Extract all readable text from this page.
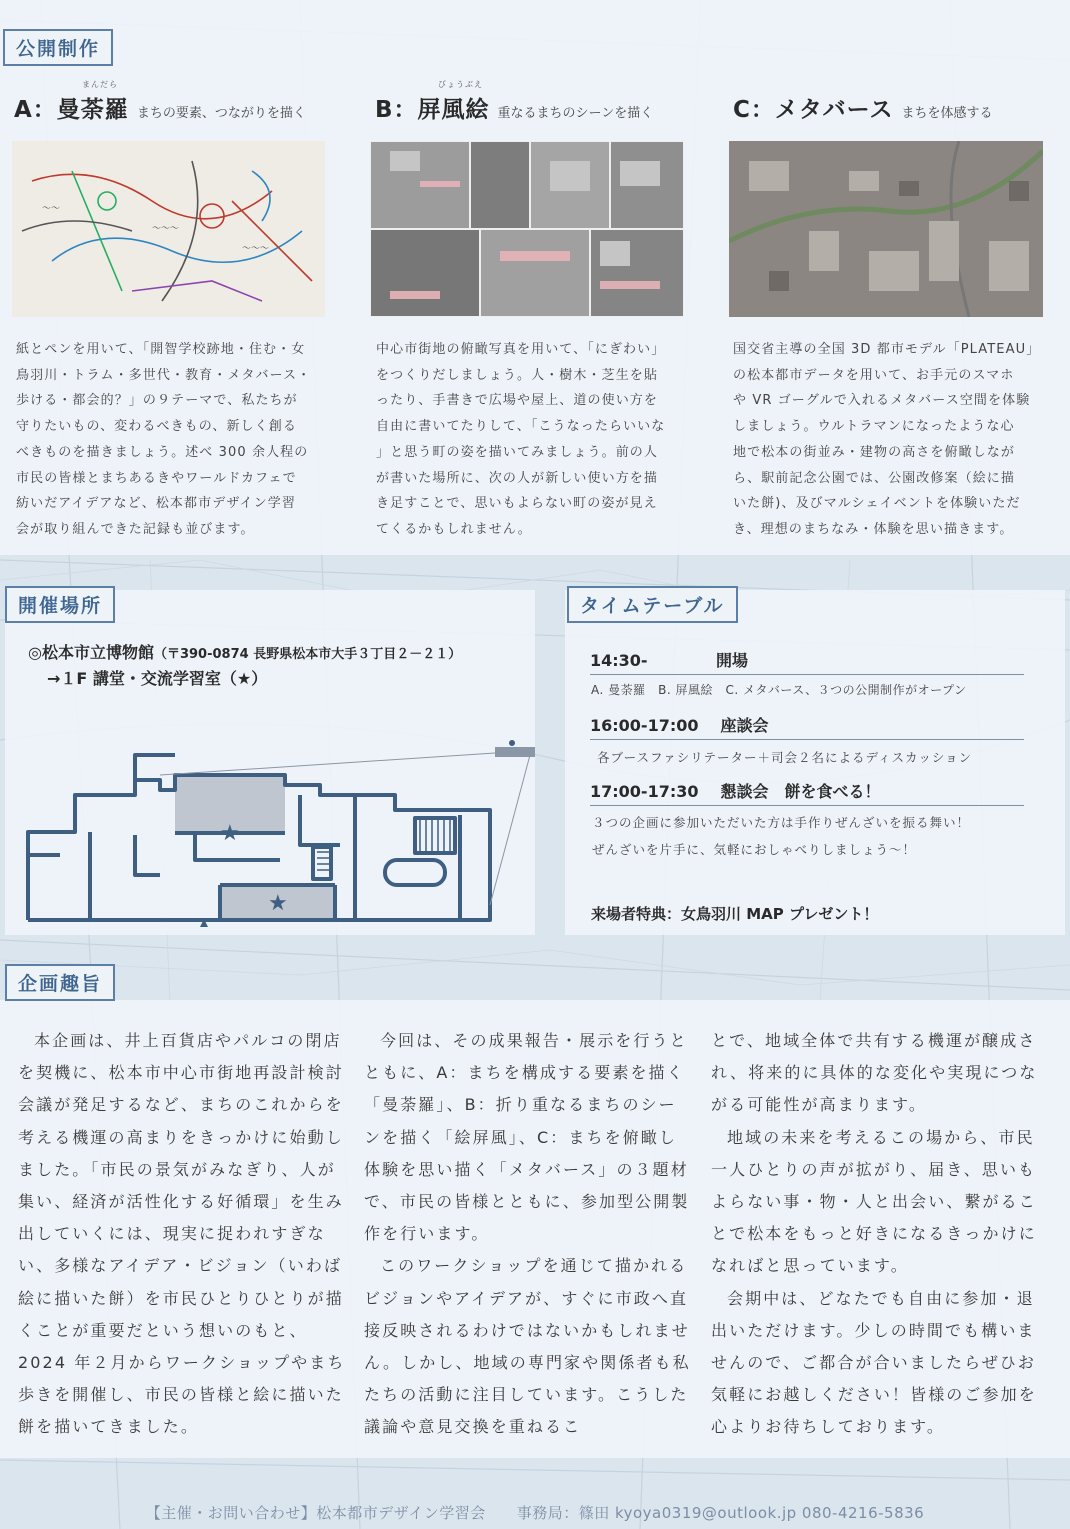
公開制作
まんだら
A：曼荼羅 まちの要素、つながりを描く
～～～
～～
～～～

紙とペンを用いて、「開智学校跡地・住む・女

鳥羽川・トラム・多世代・教育・メタバース・

歩ける・都会的？」の９テーマで、私たちが

守りたいもの、変わるべきもの、新しく創る

べきものを描きましょう。述べ 300 余人程の

市民の皆様とまちあるきやワールドカフェで

紡いだアイデアなど、松本都市デザイン学習

会が取り組んできた記録も並びます。

びょうぶえ
B：屏風絵 重なるまちのシーンを描く

中心市街地の俯瞰写真を用いて、「にぎわい」

をつくりだしましょう。人・樹木・芝生を貼

ったり、手書きで広場や屋上、道の使い方を

自由に書いてたりして、「こうなったらいいな

」と思う町の姿を描いてみましょう。前の人

が書いた場所に、次の人が新しい使い方を描

き足すことで、思いもよらない町の姿が見え

てくるかもしれません。

C：メタバース まちを体感する

国交省主導の全国 3D 都市モデル「PLATEAU」

の松本都市データを用いて、お手元のスマホ

や VR ゴーグルで入れるメタバース空間を体験

しましょう。ウルトラマンになったような心

地で松本の街並み・建物の高さを俯瞰しなが

ら、駅前記念公園では、公園改修案（絵に描

いた餅)、及びマルシェイベントを体験いただ

き、理想のまちなみ・体験を思い描きます。

開催場所
◎松本市立博物館（〒390-0874 長野県松本市大手３丁目２－２１）
→１F 講堂・交流学習室（★）
★
★
タイムテーブル
14:30-	開場
A. 曼荼羅　B. 屏風絵　C. メタバース、３つの公開制作がオープン
16:00-17:00 座談会
各ブースファシリテーター＋司会２名によるディスカッション
17:00-17:30 懇談会　餅を食べる！
３つの企画に参加いただいた方は手作りぜんざいを振る舞い！
ぜんざいを片手に、気軽におしゃべりしましょう～！
来場者特典：女鳥羽川 MAP プレゼント！
企画趣旨

本企画は、井上百貨店やパルコの閉店を契機に、松本市中心市街地再設計検討会議が発足するなど、まちのこれからを考える機運の高まりをきっかけに始動しました。「市民の景気がみなぎり、人が集い、経済が活性化する好循環」を生み出していくには、現実に捉われすぎない、多様なアイデア・ビジョン（いわば絵に描いた餅）を市民ひとりひとりが描くことが重要だという想いのもと、2024 年２月からワークショップやまち歩きを開催し、市民の皆様と絵に描いた餅を描いてきました。

今回は、その成果報告・展示を行うとともに、A：まちを構成する要素を描く「曼荼羅」、B：折り重なるまちのシーンを描く「絵屏風」、C：まちを俯瞰し体験を思い描く「メタバース」の３題材で、市民の皆様とともに、参加型公開製作を行います。

このワークショップを通じて描かれるビジョンやアイデアが、すぐに市政へ直接反映されるわけではないかもしれません。しかし、地域の専門家や関係者も私たちの活動に注目しています。こうした議論や意見交換を重ねるこ

とで、地域全体で共有する機運が醸成され、将来的に具体的な変化や実現につながる可能性が高まります。

地域の未来を考えるこの場から、市民一人ひとりの声が拡がり、届き、思いもよらない事・物・人と出会い、繋がることで松本をもっと好きになるきっかけになればと思っています。

会期中は、どなたでも自由に参加・退出いただけます。少しの時間でも構いませんので、ご都合が合いましたらぜひお気軽にお越しください！皆様のご参加を心よりお待ちしております。

【主催・お問い合わせ】松本都市デザイン学習会　　事務局：篠田 kyoya0319@outlook.jp 080-4216-5836
